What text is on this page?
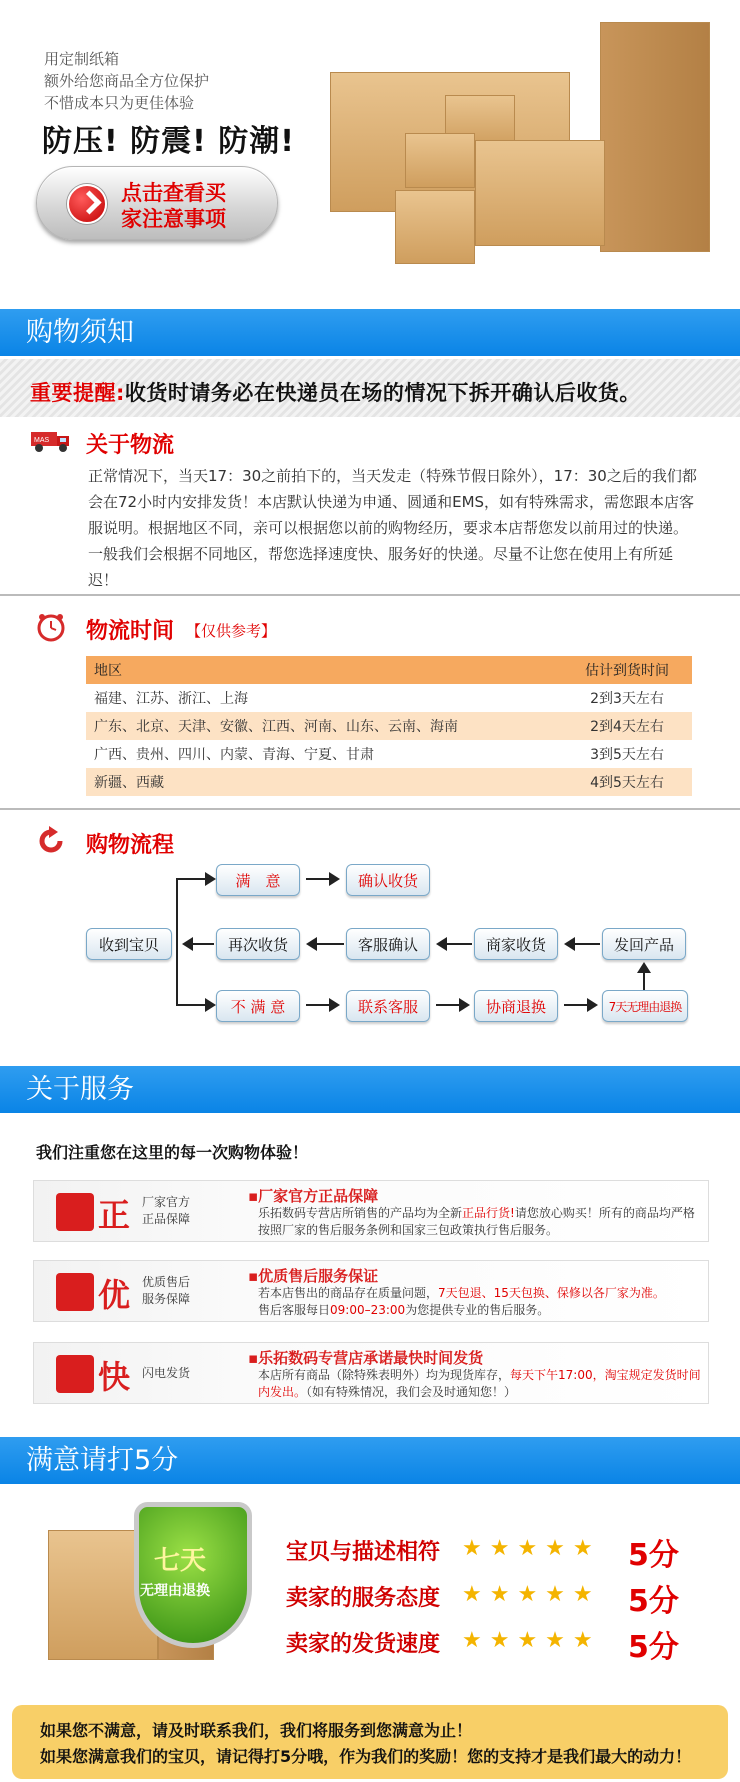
用定制纸箱
额外给您商品全方位保护
不惜成本只为更佳体验
防压! 防震! 防潮!
点击查看买
家注意事项
购物须知
重要提醒:收货时请务必在快递员在场的情况下拆开确认后收货。
MAS 关于物流
正常情况下，当天17：30之前拍下的，当天发走（特殊节假日除外），17：30之后的我们都会在72小时内安排发货！本店默认快递为申通、圆通和EMS，如有特殊需求，需您跟本店客服说明。根据地区不同，亲可以根据您以前的购物经历，要求本店帮您发以前用过的快递。一般我们会根据不同地区，帮您选择速度快、服务好的快递。尽量不让您在使用上有所延迟！
物流时间 【仅供参考】
地区	估计到货时间
福建、江苏、浙江、上海	2到3天左右
广东、北京、天津、安徽、江西、河南、山东、云南、海南	2到4天左右
广西、贵州、四川、内蒙、青海、宁夏、甘肃	3到5天左右
新疆、西藏	4到5天左右
购物流程
收到宝贝
满　意	确认收货
再次收货	客服确认	商家收货	发回产品
不 满 意	联系客服	协商退换	7天无理由退换
关于服务
我们注重您在这里的每一次购物体验！
正 厂家官方
正品保障
▪厂家官方正品保障
乐拓数码专营店所销售的产品均为全新正品行货!请您放心购买！所有的商品均严格按照厂家的售后服务条例和国家三包政策执行售后服务。
优 优质售后
服务保障
▪优质售后服务保证
若本店售出的商品存在质量问题，7天包退、15天包换、保修以各厂家为准。
售后客服每日09:00–23:00为您提供专业的售后服务。
快 闪电发货
▪乐拓数码专营店承诺最快时间发货
本店所有商品（除特殊表明外）均为现货库存，每天下午17:00，淘宝规定发货时间内发出。（如有特殊情况，我们会及时通知您！）
满意请打5分
七天
无理由退换
宝贝与描述相符 ★★★★★ 5分
卖家的服务态度 ★★★★★ 5分
卖家的发货速度 ★★★★★ 5分
如果您不满意，请及时联系我们，我们将服务到您满意为止！
如果您满意我们的宝贝，请记得打5分哦，作为我们的奖励！您的支持才是我们最大的动力！
